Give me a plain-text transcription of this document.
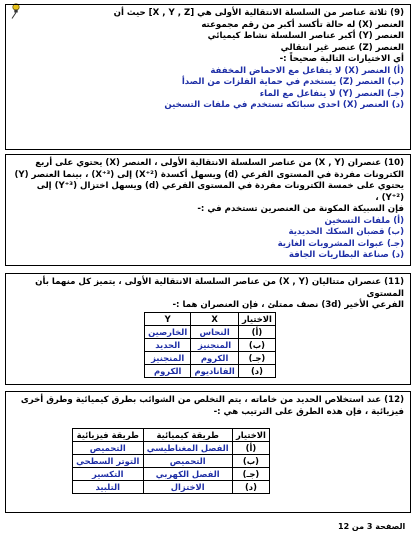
(9) ثلاثة عناصر من السلسلة الانتقالية الأولى هي [X , Y , Z] حيث أن

العنصر (X) له حالة تأكسد أكبر من رقم مجموعته

العنصر (Y) أكبر عناصر السلسلة نشاط كيميائي

العنصر (Z) عنصر غير انتقالي

أي الاختيارات التالية صحيحاً :-

(أ) العنصر (X) لا يتفاعل مع الاحماض المخففة

(ب) العنصر (Z) يستخدم في حماية الفلزات من الصدأ

(جـ) العنصر (Y) لا يتفاعل مع الماء

(د) العنصر (X) احدى سبائكه تستخدم في ملفات التسخين

(10) عنصران (X , Y) من عناصر السلسلة الانتقالية الأولى ، العنصر (X) يحتوي على أربع

الكترونات مفردة في المستوى الفرعي (d) ويسهل أكسدة (X⁺²) إلى (X⁺³) ، بينما العنصر (Y)

يحتوي على خمسة الكترونات مفردة في المستوى الفرعي (d) ويسهل اختزال (Y⁺³) إلى (Y⁺²) ،

فإن السبيكة المكونة من العنصرين تستخدم في :-

(أ) ملفات التسخين

(ب) قضبان السكك الحديدية

(جـ) عبوات المشروبات الغازية

(د) صناعة البطاريات الجافة

(11) عنصران متتاليان (X , Y) من عناصر السلسلة الانتقالية الأولى ، يتميز كل منهما بأن المستوى

الفرعي الأخير (3d) نصف ممتلئ ، فإن العنصران هما :-

الاختيار	X	Y
(أ)	النحاس	الخارصين
(ب)	المنجنيز	الحديد
(جـ)	الكروم	المنجنيز
(د)	الفاناديوم	الكروم

(12) عند استخلاص الحديد من خاماته ، يتم التخلص من الشوائب بطرق كيميائية وطرق أخرى

فيزيائية ، فإن هذه الطرق على الترتيب هي :-

الاختيار	طريقة كيميائية	طريقة فيزيائية
(أ)	الفصل المغناطيسي	التحميص
(ب)	التحميص	التوتر السطحي
(جـ)	الفصل الكهربي	التكسير
(د)	الاختزال	التلبيد
الصفحة 3 من 12
